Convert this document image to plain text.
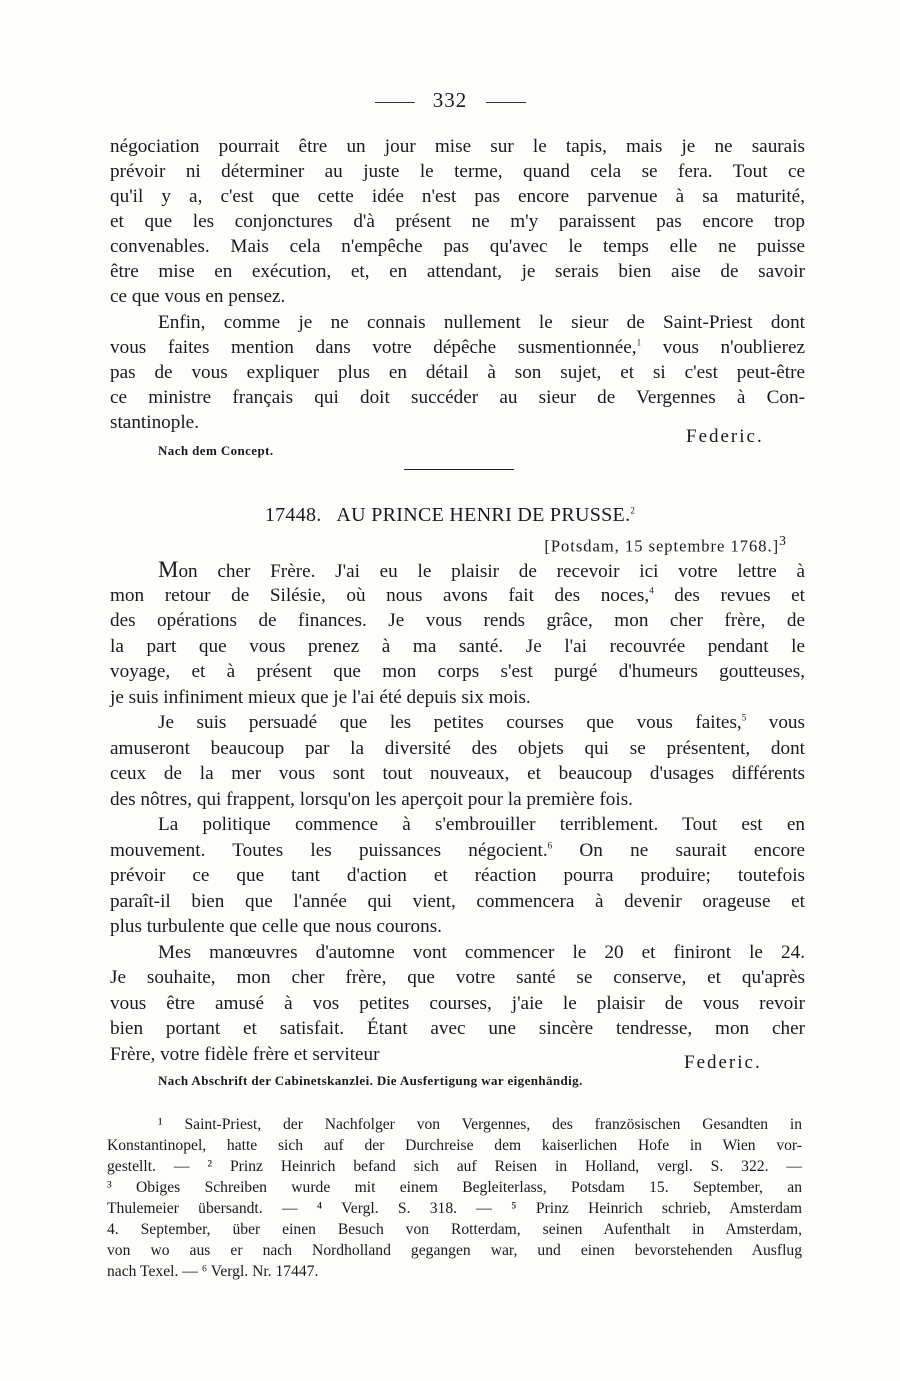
332
négociation pourrait être un jour mise sur le tapis, mais je ne saurais
prévoir ni déterminer au juste le terme, quand cela se fera. Tout ce
qu'il y a, c'est que cette idée n'est pas encore parvenue à sa maturité,
et que les conjonctures d'à présent ne m'y paraissent pas encore trop
convenables. Mais cela n'empêche pas qu'avec le temps elle ne puisse
être mise en exécution, et, en attendant, je serais bien aise de savoir
ce que vous en pensez.
Enfin, comme je ne connais nullement le sieur de Saint-Priest dont
vous faites mention dans votre dépêche susmentionnée,$^1$ vous n'oublierez
pas de vous expliquer plus en détail à son sujet, et si c'est peut-être
ce ministre français qui doit succéder au sieur de Vergennes à Con-
stantinople.
Federic.
Nach dem Concept.
17448. AU PRINCE HENRI DE PRUSSE.$^2$
[Potsdam, 15 septembre 1768.]$^3$
Mon cher Frère. J'ai eu le plaisir de recevoir ici votre lettre à
mon retour de Silésie, où nous avons fait des noces,$^4$ des revues et
des opérations de finances. Je vous rends grâce, mon cher frère, de
la part que vous prenez à ma santé. Je l'ai recouvrée pendant le
voyage, et à présent que mon corps s'est purgé d'humeurs goutteuses,
je suis infiniment mieux que je l'ai été depuis six mois.
Je suis persuadé que les petites courses que vous faites,$^5$ vous
amuseront beaucoup par la diversité des objets qui se présentent, dont
ceux de la mer vous sont tout nouveaux, et beaucoup d'usages différents
des nôtres, qui frappent, lorsqu'on les aperçoit pour la première fois.
La politique commence à s'embrouiller terriblement. Tout est en
mouvement. Toutes les puissances négocient.$^6$ On ne saurait encore
prévoir ce que tant d'action et réaction pourra produire; toutefois
paraît-il bien que l'année qui vient, commencera à devenir orageuse et
plus turbulente que celle que nous courons.
Mes manœuvres d'automne vont commencer le 20 et finiront le 24.
Je souhaite, mon cher frère, que votre santé se conserve, et qu'après
vous être amusé à vos petites courses, j'aie le plaisir de vous revoir
bien portant et satisfait. Étant avec une sincère tendresse, mon cher
Frère, votre fidèle frère et serviteur	Federic.
Nach Abschrift der Cabinetskanzlei. Die Ausfertigung war eigenhändig.
¹ Saint-Priest, der Nachfolger von Vergennes, des französischen Gesandten in
Konstantinopel, hatte sich auf der Durchreise dem kaiserlichen Hofe in Wien vor-
gestellt. — ² Prinz Heinrich befand sich auf Reisen in Holland, vergl. S. 322. —
³ Obiges Schreiben wurde mit einem Begleiterlass, Potsdam 15. September, an
Thulemeier übersandt. — ⁴ Vergl. S. 318. — ⁵ Prinz Heinrich schrieb, Amsterdam
4. September, über einen Besuch von Rotterdam, seinen Aufenthalt in Amsterdam,
von wo aus er nach Nordholland gegangen war, und einen bevorstehenden Ausflug
nach Texel. — ⁶ Vergl. Nr. 17447.
